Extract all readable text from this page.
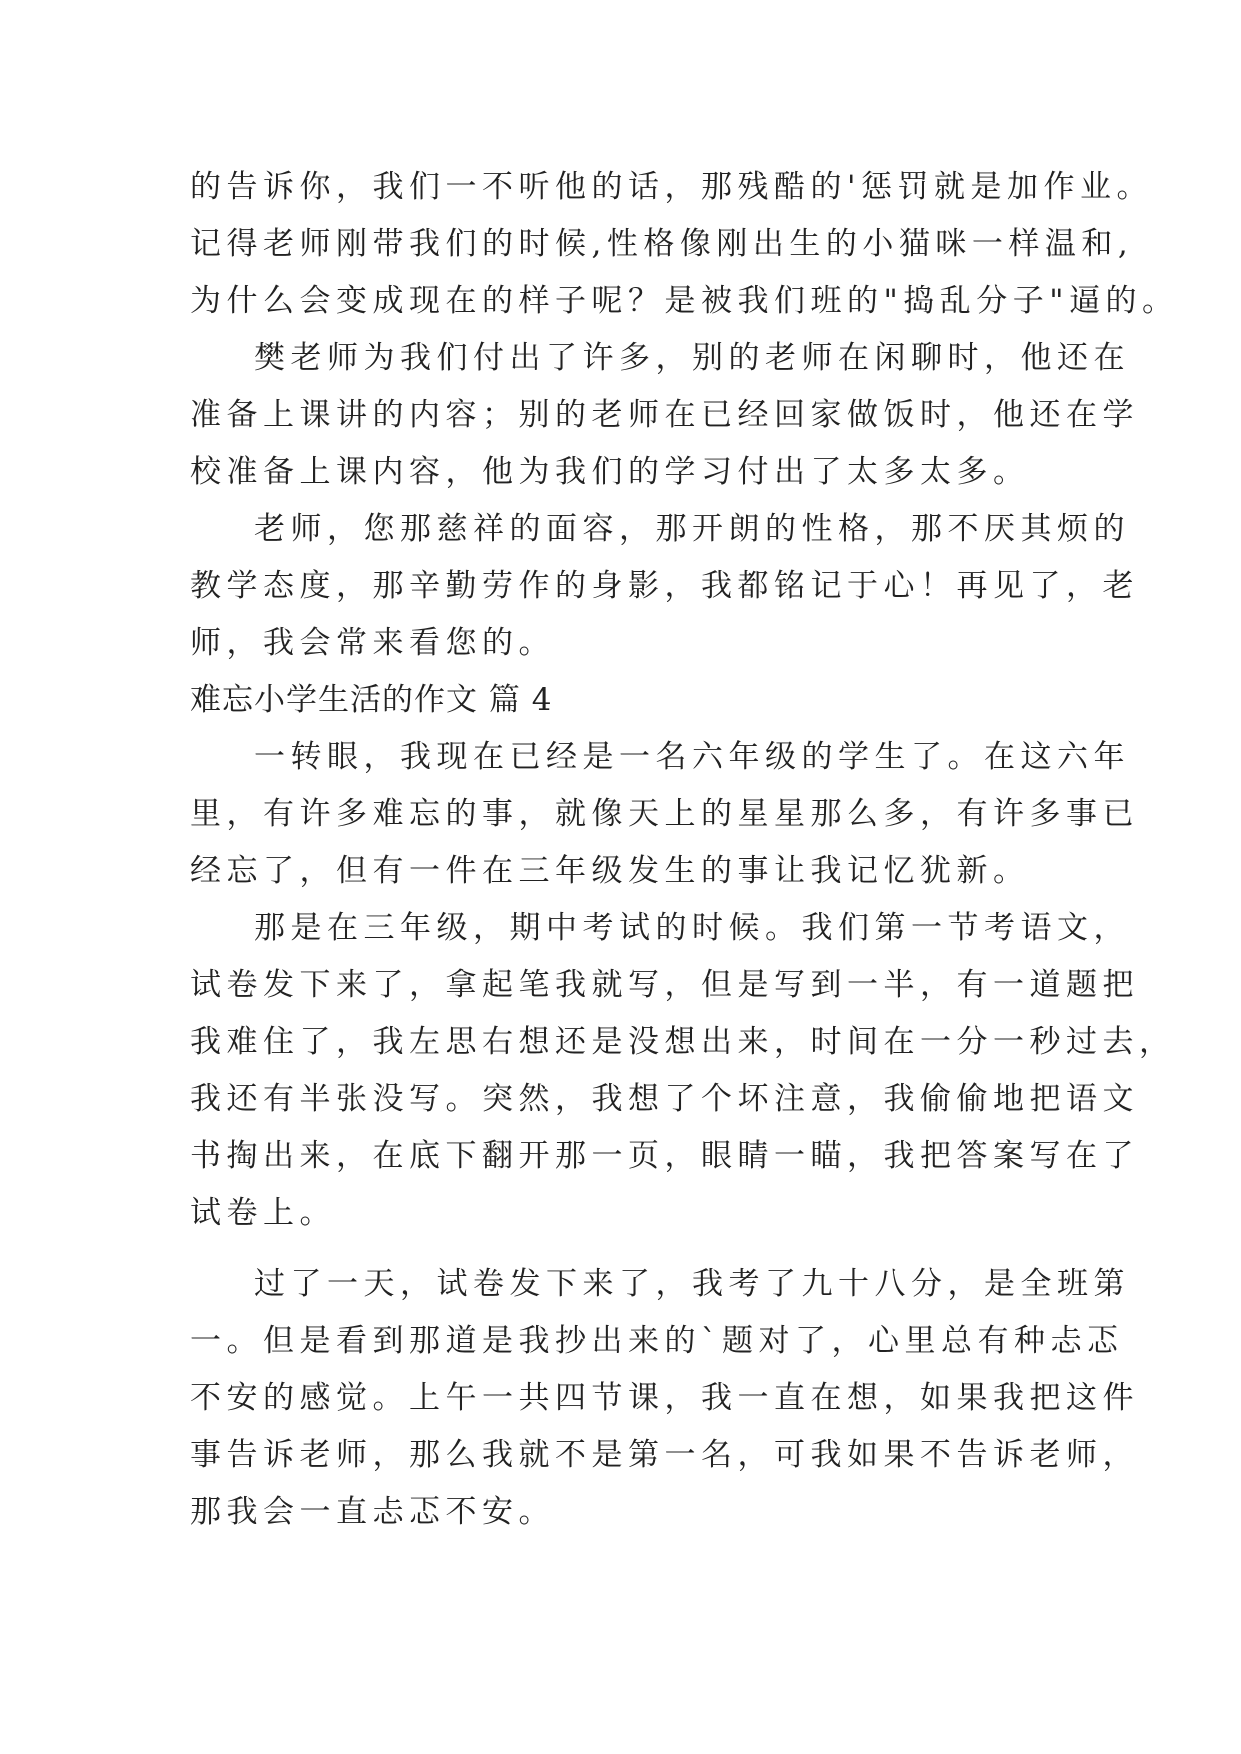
的告诉你，我们一不听他的话，那残酷的'惩罚就是加作业。
记得老师刚带我们的时候,性格像刚出生的小猫咪一样温和,
为什么会变成现在的样子呢？是被我们班的"捣乱分子"逼的。
樊老师为我们付出了许多，别的老师在闲聊时，他还在
准备上课讲的内容；别的老师在已经回家做饭时，他还在学
校准备上课内容，他为我们的学习付出了太多太多。
老师，您那慈祥的面容，那开朗的性格，那不厌其烦的
教学态度，那辛勤劳作的身影，我都铭记于心！再见了，老
师，我会常来看您的。
难忘小学生活的作文 篇 4
一转眼，我现在已经是一名六年级的学生了。在这六年
里，有许多难忘的事，就像天上的星星那么多，有许多事已
经忘了，但有一件在三年级发生的事让我记忆犹新。
那是在三年级，期中考试的时候。我们第一节考语文，
试卷发下来了，拿起笔我就写，但是写到一半，有一道题把
我难住了，我左思右想还是没想出来，时间在一分一秒过去，
我还有半张没写。突然，我想了个坏注意，我偷偷地把语文
书掏出来，在底下翻开那一页，眼睛一瞄，我把答案写在了
试卷上。
过了一天，试卷发下来了，我考了九十八分，是全班第
一。但是看到那道是我抄出来的`题对了，心里总有种忐忑
不安的感觉。上午一共四节课，我一直在想，如果我把这件
事告诉老师，那么我就不是第一名，可我如果不告诉老师，
那我会一直忐忑不安。
